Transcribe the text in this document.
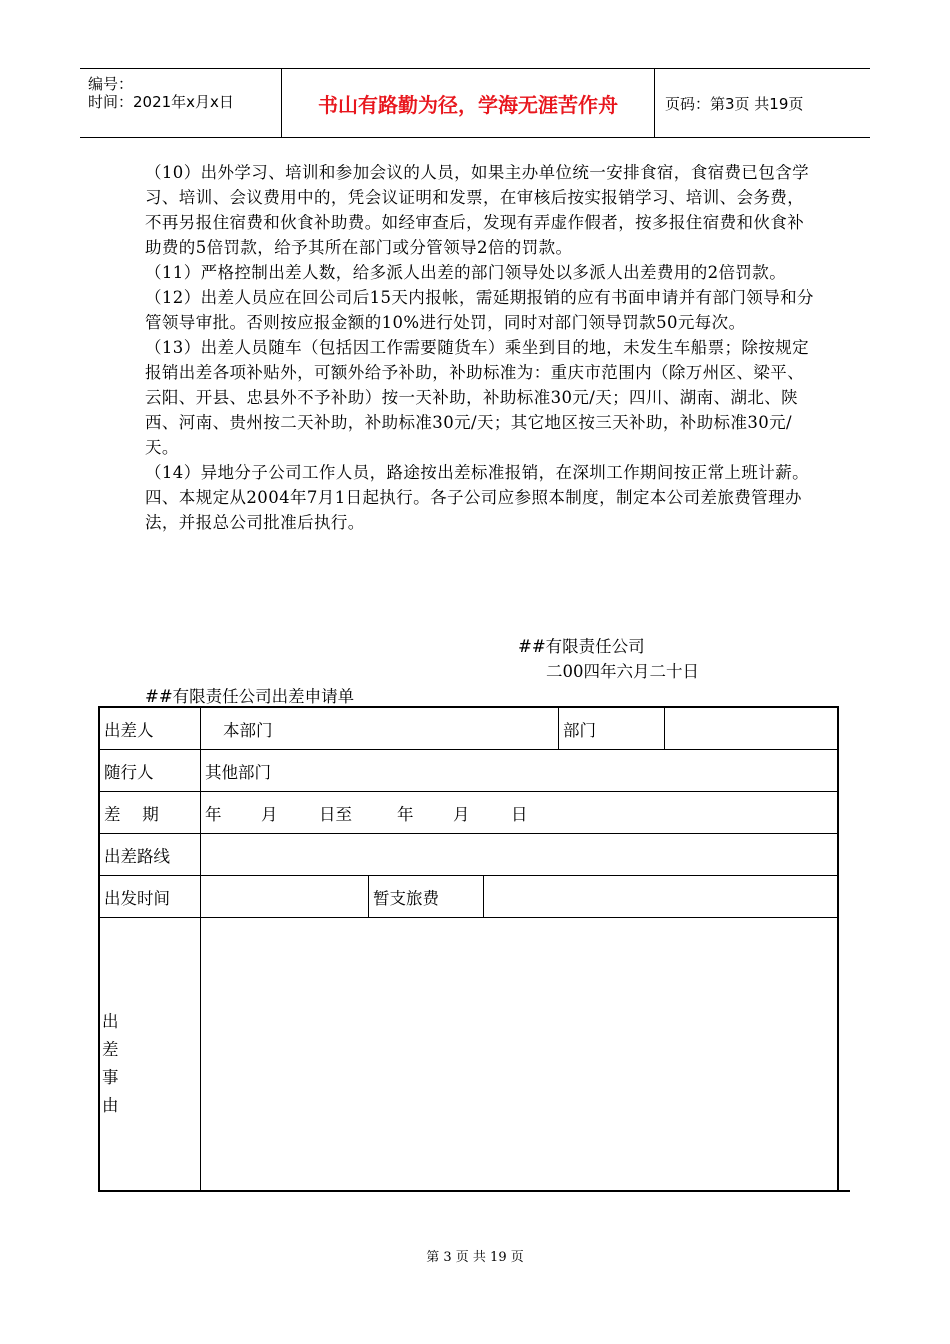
编号：
时间：2021年x月x日	书山有路勤为径，学海无涯苦作舟	页码：第3页 共19页

（10）出外学习、培训和参加会议的人员，如果主办单位统一安排食宿，食宿费已包含学习、培训、会议费用中的，凭会议证明和发票，在审核后按实报销学习、培训、会务费，不再另报住宿费和伙食补助费。如经审查后，发现有弄虚作假者，按多报住宿费和伙食补助费的5倍罚款，给予其所在部门或分管领导2倍的罚款。

（11）严格控制出差人数，给多派人出差的部门领导处以多派人出差费用的2倍罚款。

（12）出差人员应在回公司后15天内报帐，需延期报销的应有书面申请并有部门领导和分管领导审批。否则按应报金额的10%进行处罚，同时对部门领导罚款50元每次。

（13）出差人员随车（包括因工作需要随货车）乘坐到目的地，未发生车船票；除按规定报销出差各项补贴外，可额外给予补助，补助标准为：重庆市范围内（除万州区、梁平、云阳、开县、忠县外不予补助）按一天补助，补助标准30元/天；四川、湖南、湖北、陕西、河南、贵州按二天补助，补助标准30元/天；其它地区按三天补助，补助标准30元/天。

（14）异地分子公司工作人员，路途按出差标准报销，在深圳工作期间按正常上班计薪。

四、本规定从2004年7月1日起执行。各子公司应参照本制度，制定本公司差旅费管理办法，并报总公司批准后执行。

##有限责任公司
二00四年六月二十日
##有限责任公司出差申请单
出差人	本部门	部门
随行人	其他部门
差　 期	年 月	日至	年 月	日
出差路线
出发时间	暂支旅费
出
差
事
由
第 3 页 共 19 页
